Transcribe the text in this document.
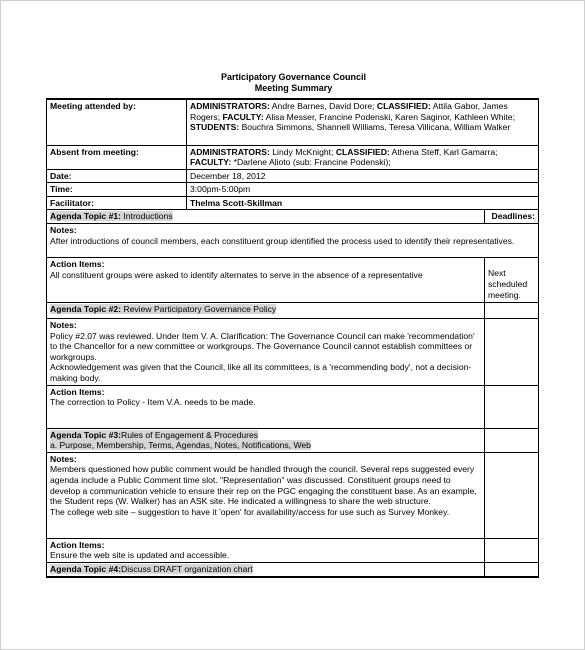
Participatory Governance Council
Meeting Summary
Meeting attended by:	ADMINISTRATORS: Andre Barnes, David Dore; CLASSIFIED: Attila Gabor, James Rogers; FACULTY: Alisa Messer, Francine Podenski, Karen Saginor, Kathleen White; STUDENTS: Bouchra Simmons, Shannell Williams, Teresa Villicana, William Walker	
Absent from meeting:	ADMINISTRATORS: Lindy McKnight; CLASSIFIED: Athena Steff, Karl Gamarra; FACULTY: *Darlene Alioto (sub: Francine Podenski);	
Date:	December 18, 2012	
Time:	3:00pm-5:00pm	
Facilitator:	Thelma Scott-Skillman	
Agenda Topic #1: Introductions		Deadlines:

Notes:
After introductions of council members, each constituent group identified the process used to identify their representatives.		

Action Items:
All constituent groups were asked to identify alternates to serve in the absence of a representative		Next scheduled meeting.

Agenda Topic #2: Review Participatory Governance Policy		

Notes:
Policy #2.07 was reviewed. Under Item V. A. Clarification: The Governance Council can make 'recommendation' to the Chancellor for a new committee or workgroups. The Governance Council cannot establish committees or workgroups.
Acknowledgement was given that the Council, like all its committees, is a 'recommending body', not a decision-making body.		

Action Items:
The correction to Policy - Item V.A. needs to be made.		

Agenda Topic #3:Rules of Engagement & Procedures
a. Purpose, Membership, Terms, Agendas, Notes, Notifications, Web		

Notes:
Members questioned how public comment would be handled through the council. Several reps suggested every agenda include a Public Comment time slot. "Representation" was discussed. Constituent groups need to develop a communication vehicle to ensure their rep on the PGC engaging the constituent base. As an example, the Student reps (W. Walker) has an ASK site. He indicated a willingness to share the web structure.
The college web site – suggestion to have it 'open' for availability/access for use such as Survey Monkey.		

Action Items:
Ensure the web site is updated and accessible.		

Agenda Topic #4:Discuss DRAFT organization chart		
